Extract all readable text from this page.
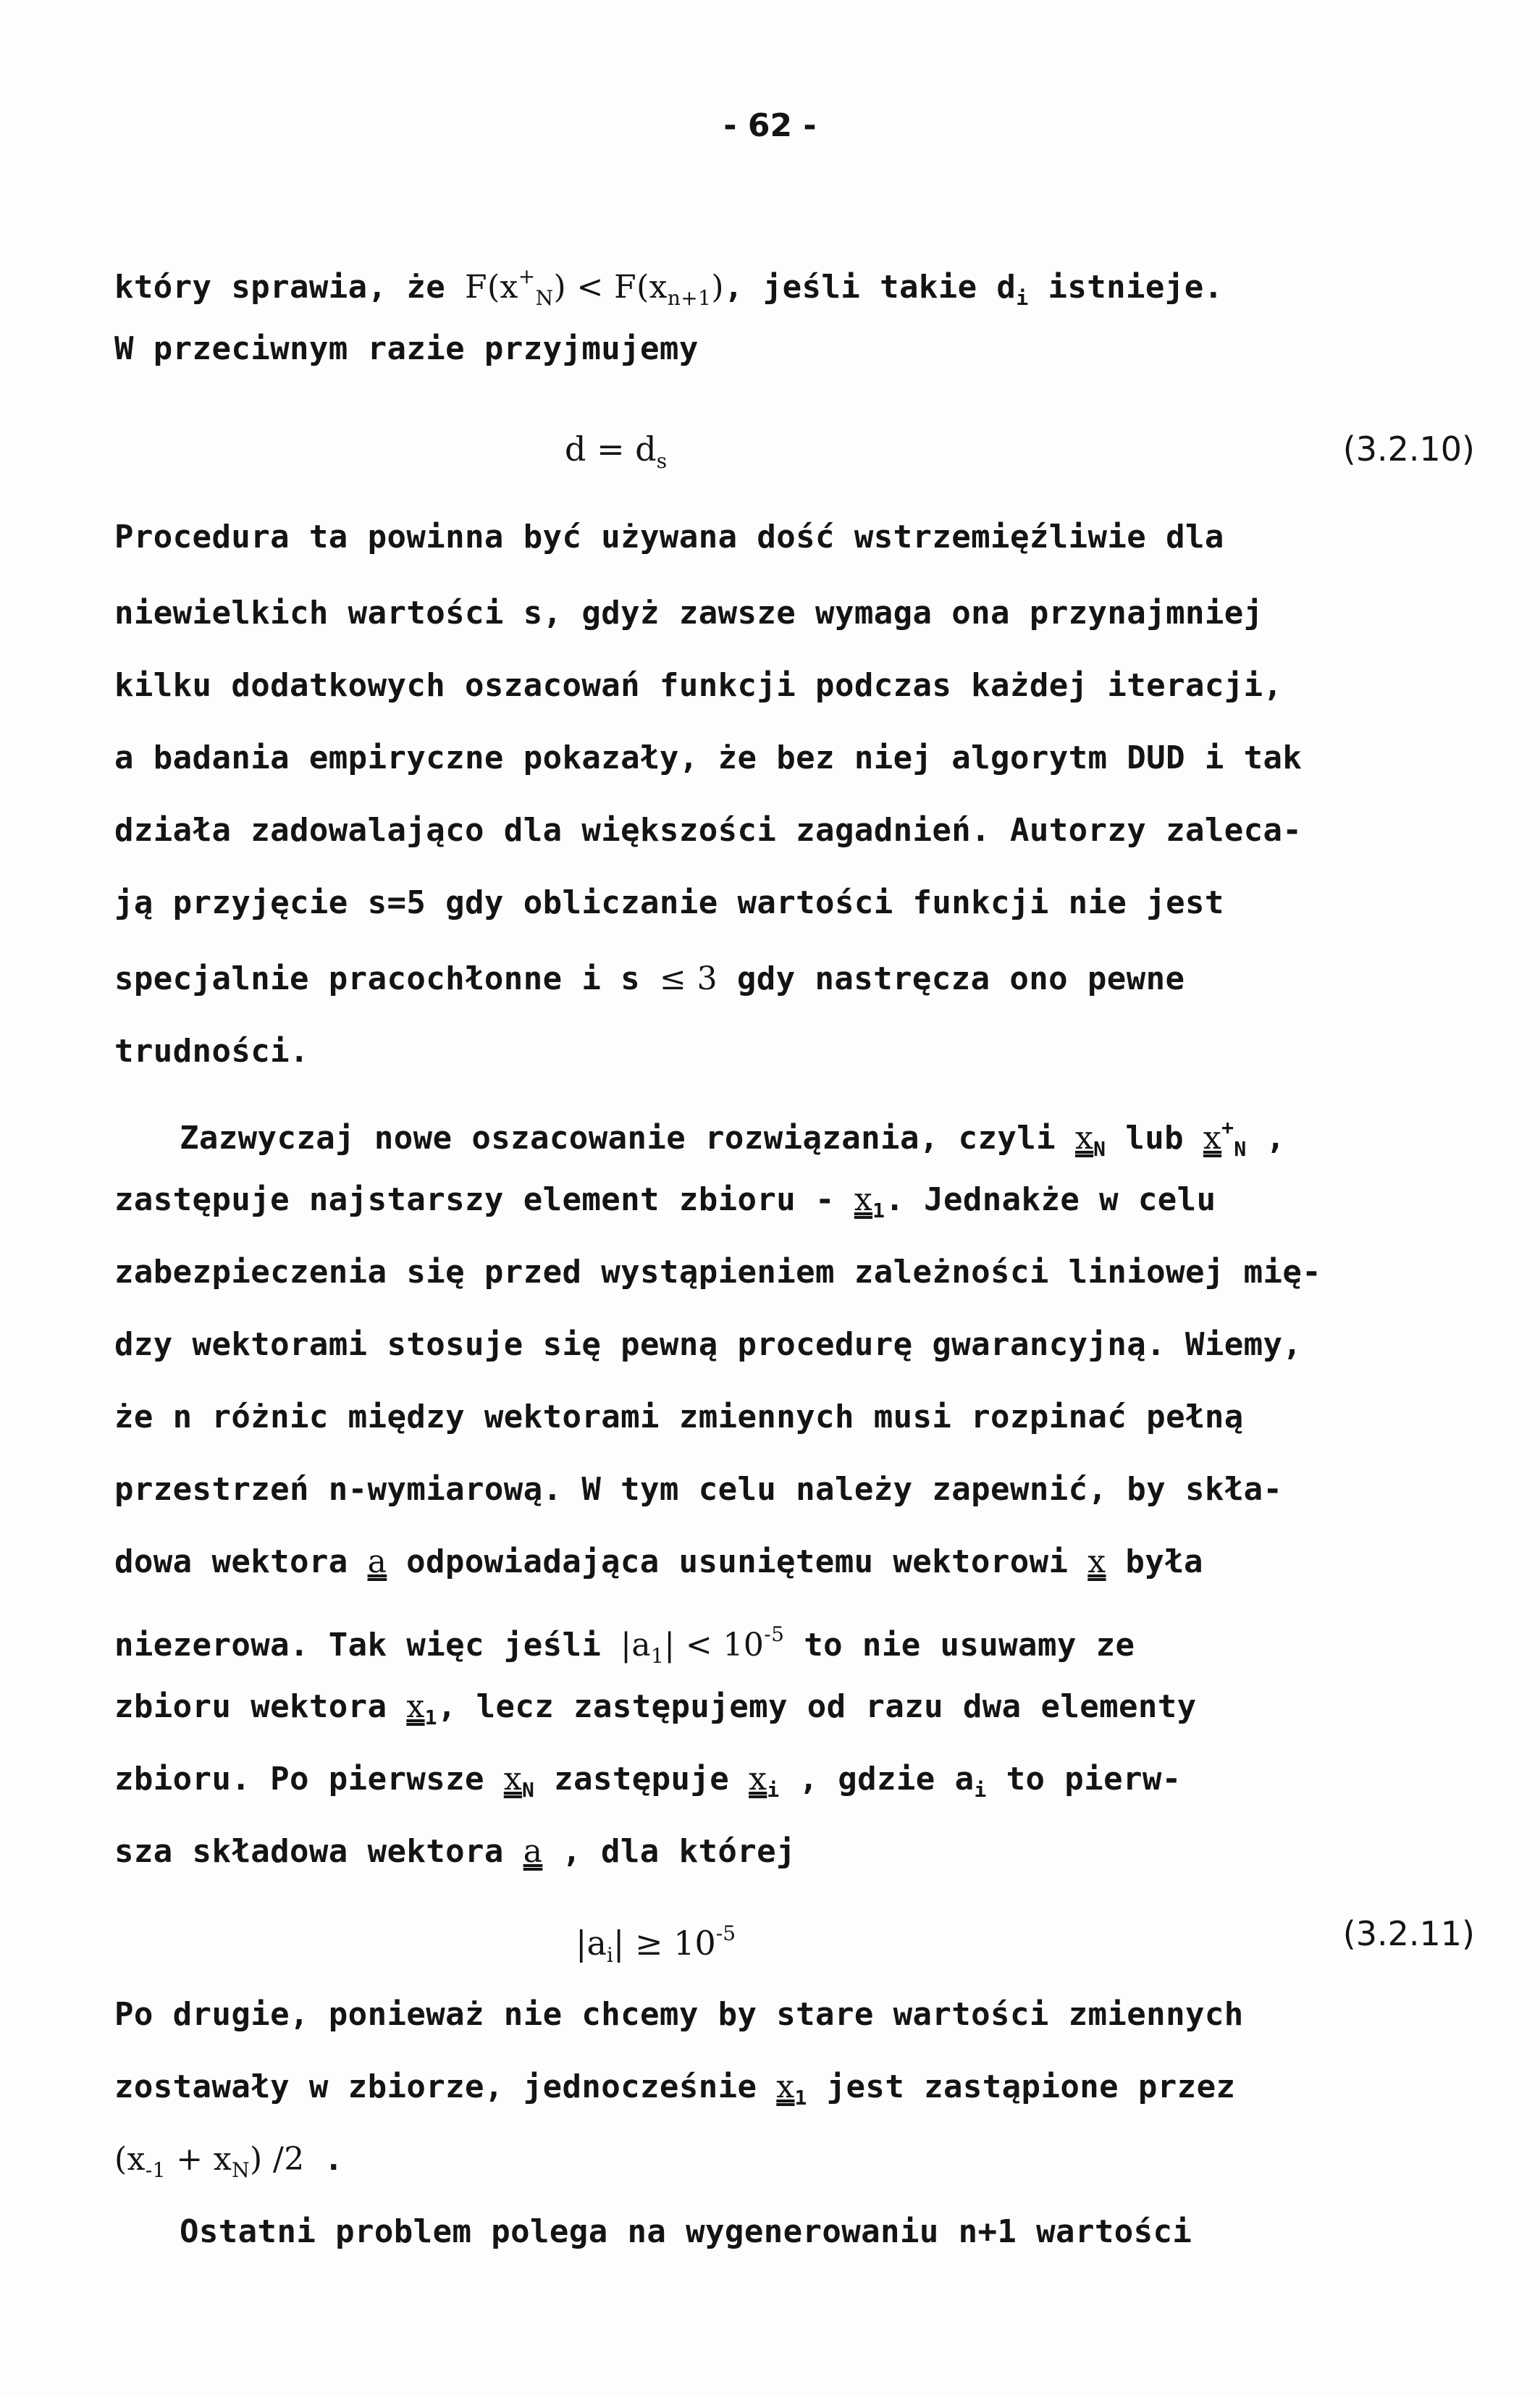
- 62 -
który sprawia, że $F(x^+_N) < F(x_{n+1})$, jeśli takie $d_i$ istnieje.
W przeciwnym razie przyjmujemy
$d = d_s$	(3.2.10)
Procedura ta powinna być używana dość wstrzemięźliwie dla
niewielkich wartości s, gdyż zawsze wymaga ona przynajmniej
kilku dodatkowych oszacowań funkcji podczas każdej iteracji,
a badania empiryczne pokazały, że bez niej algorytm DUD i tak
działa zadowalająco dla większości zagadnień. Autorzy zaleca-
ją przyjęcie s=5 gdy obliczanie wartości funkcji nie jest
specjalnie pracochłonne i s ≤ 3 gdy nastręcza ono pewne
trudności.
Zazwyczaj nowe oszacowanie rozwiązania, czyli $x_N$ lub $x^+_N$ ,
zastępuje najstarszy element zbioru - $x_1$. Jednakże w celu
zabezpieczenia się przed wystąpieniem zależności liniowej mię-
dzy wektorami stosuje się pewną procedurę gwarancyjną. Wiemy,
że n różnic między wektorami zmiennych musi rozpinać pełną
przestrzeń n-wymiarową. W tym celu należy zapewnić, by skła-
dowa wektora a odpowiadająca usuniętemu wektorowi x była
niezerowa. Tak więc jeśli $|a_1| < 10^{-5}$ to nie usuwamy ze
zbioru wektora $x_1$, lecz zastępujemy od razu dwa elementy
zbioru. Po pierwsze $x_N$ zastępuje $x_i$ , gdzie $a_i$ to pierw-
sza składowa wektora a , dla której
$|a_i| \ge 10^{-5}$	(3.2.11)
Po drugie, ponieważ nie chcemy by stare wartości zmiennych
zostawały w zbiorze, jednocześnie $x_1$ jest zastąpione przez
$(x_{-1} + x_N)$ /2 .
Ostatni problem polega na wygenerowaniu n+1 wartości
